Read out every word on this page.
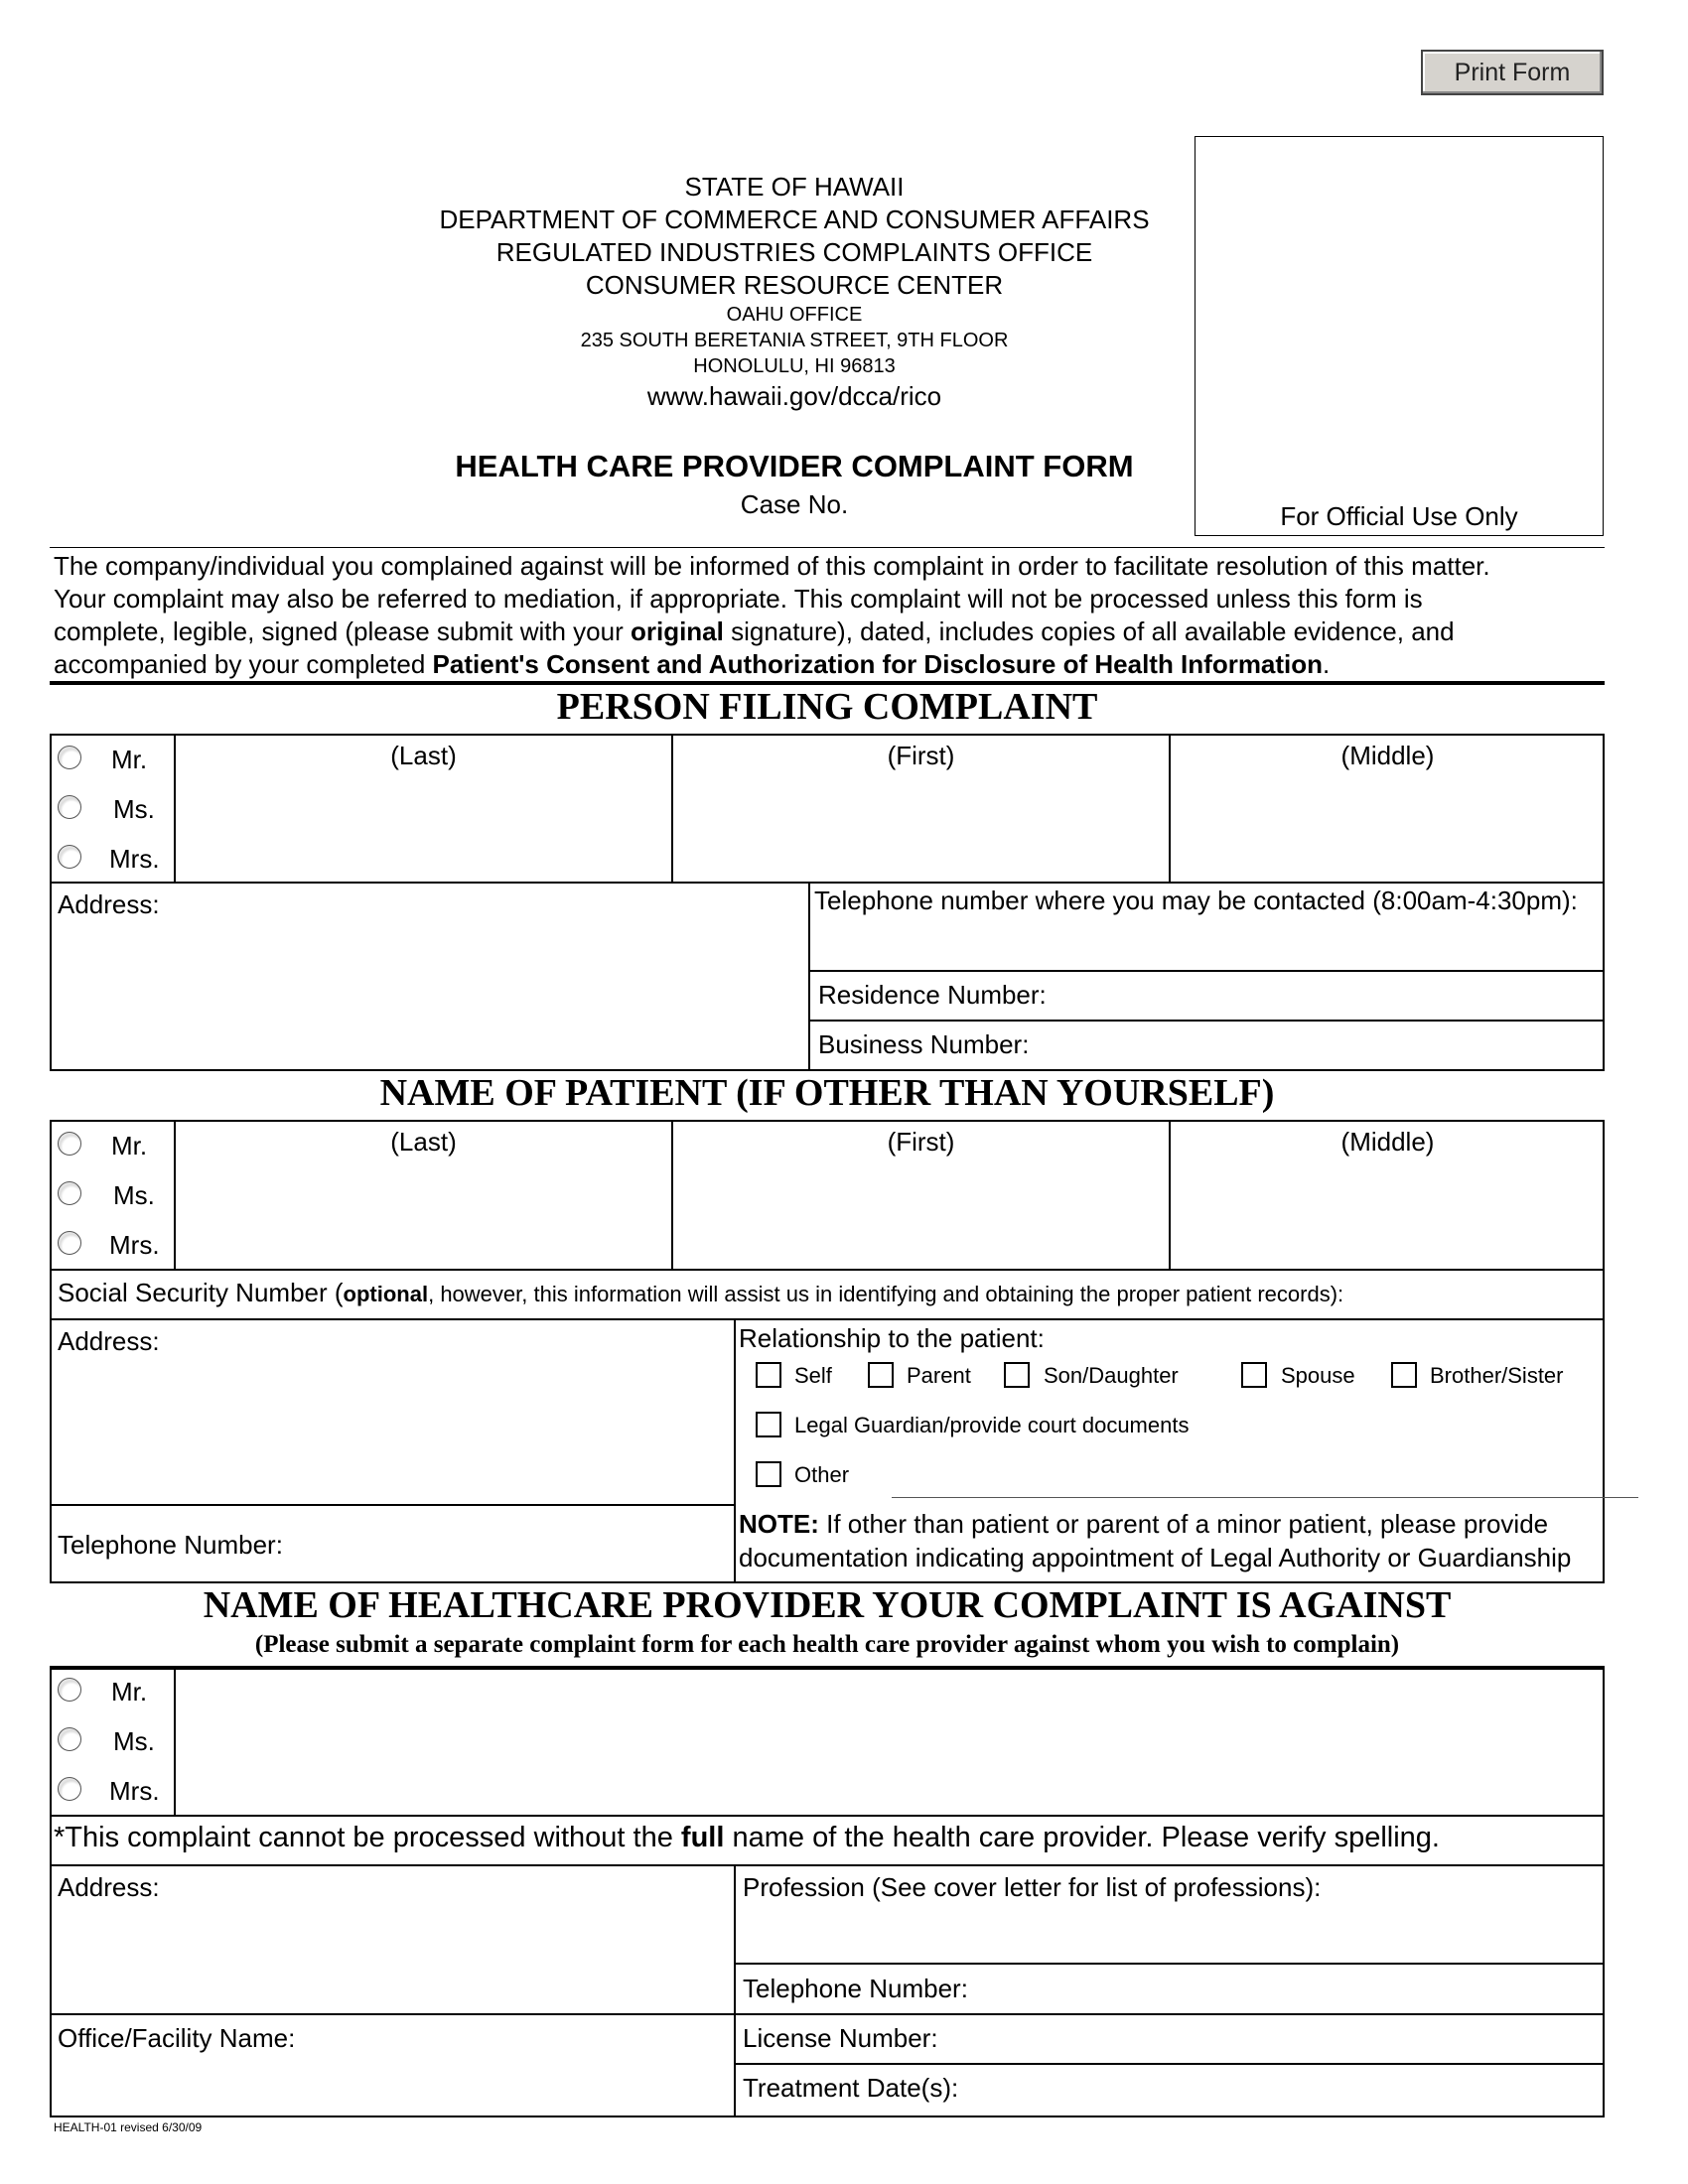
Print Form
STATE OF HAWAII
DEPARTMENT OF COMMERCE AND CONSUMER AFFAIRS
REGULATED INDUSTRIES COMPLAINTS OFFICE
CONSUMER RESOURCE CENTER
OAHU OFFICE
235 SOUTH BERETANIA STREET, 9TH FLOOR
HONOLULU, HI 96813
www.hawaii.gov/dcca/rico
HEALTH CARE PROVIDER COMPLAINT FORM
Case No.	For Official Use Only
The company/individual you complained against will be informed of this complaint in order to facilitate resolution of this matter.
Your complaint may also be referred to mediation, if appropriate. This complaint will not be processed unless this form is
complete, legible, signed (please submit with your original signature), dated, includes copies of all available evidence, and
accompanied by your completed Patient's Consent and Authorization for Disclosure of Health Information.
PERSON FILING COMPLAINT
Mr.
Ms.
Mrs.
(Last)	(First)	(Middle)
Address:	Telephone number where you may be contacted (8:00am-4:30pm):
Residence Number:
Business Number:
NAME OF PATIENT (IF OTHER THAN YOURSELF)
Mr.
Ms.
Mrs.
(Last)	(First)	(Middle)
Social Security Number (optional, however, this information will assist us in identifying and obtaining the proper patient records):
Address:
Telephone Number:
Relationship to the patient:
Self	Parent	Son/Daughter	Spouse	Brother/Sister
Legal Guardian/provide court documents
Other
NOTE: If other than patient or parent of a minor patient, please provide
documentation indicating appointment of Legal Authority or Guardianship
NAME OF HEALTHCARE PROVIDER YOUR COMPLAINT IS AGAINST
(Please submit a separate complaint form for each health care provider against whom you wish to complain)
Mr.
Ms.
Mrs.
*This complaint cannot be processed without the full name of the health care provider. Please verify spelling.
Address:	Profession (See cover letter for list of professions):
Telephone Number:
Office/Facility Name:	License Number:
Treatment Date(s):
HEALTH-01 revised 6/30/09
